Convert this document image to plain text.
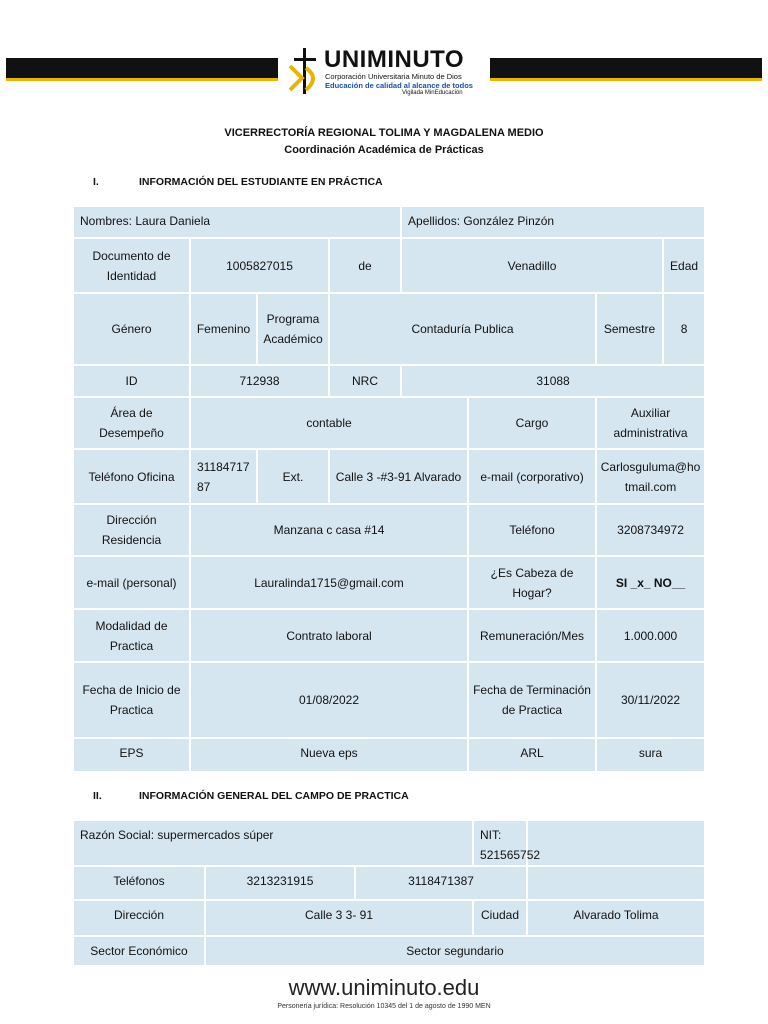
UNIMINUTO
Corporación Universitaria Minuto de Dios
Educación de calidad al alcance de todos
Vigilada MinEducación
VICERRECTORÍA REGIONAL TOLIMA Y MAGDALENA MEDIO
Coordinación Académica de Prácticas
I.	INFORMACIÓN DEL ESTUDIANTE EN PRÁCTICA
Nombres: Laura Daniela				Apellidos: González Pinzón			
Documento de Identidad	1005827015		de	Venadillo			Edad
Género	Femenino	Programa Académico	Contaduría Publica			Semestre	8
ID	712938		NRC	31088			
Área de Desempeño	contable				Cargo	Auxiliar administrativa	
Teléfono Oficina	3118471787	Ext.	Calle 3 -#3-91 Alvarado		e-mail (corporativo)	Carlosguluma@hotmail.com	
Dirección Residencia	Manzana c casa #14				Teléfono	3208734972	
e-mail (personal)	Lauralinda1715@gmail.com				¿Es Cabeza de Hogar?	SI _x_ NO__	
Modalidad de Practica	Contrato laboral				Remuneración/Mes	1.000.000	
Fecha de Inicio de Practica	01/08/2022				Fecha de Terminación de Practica	30/11/2022	
EPS	Nueva eps				ARL	sura	
II.	INFORMACIÓN GENERAL DEL CAMPO DE PRACTICA
Razón Social: supermercados súper			NIT: 521565752	
Teléfonos	3213231915	3118471387		
Dirección	Calle 3 3- 91		Ciudad	Alvarado Tolima
Sector Económico	Sector segundario			
www.uniminuto.edu
Personería jurídica: Resolución 10345 del 1 de agosto de 1990 MEN
